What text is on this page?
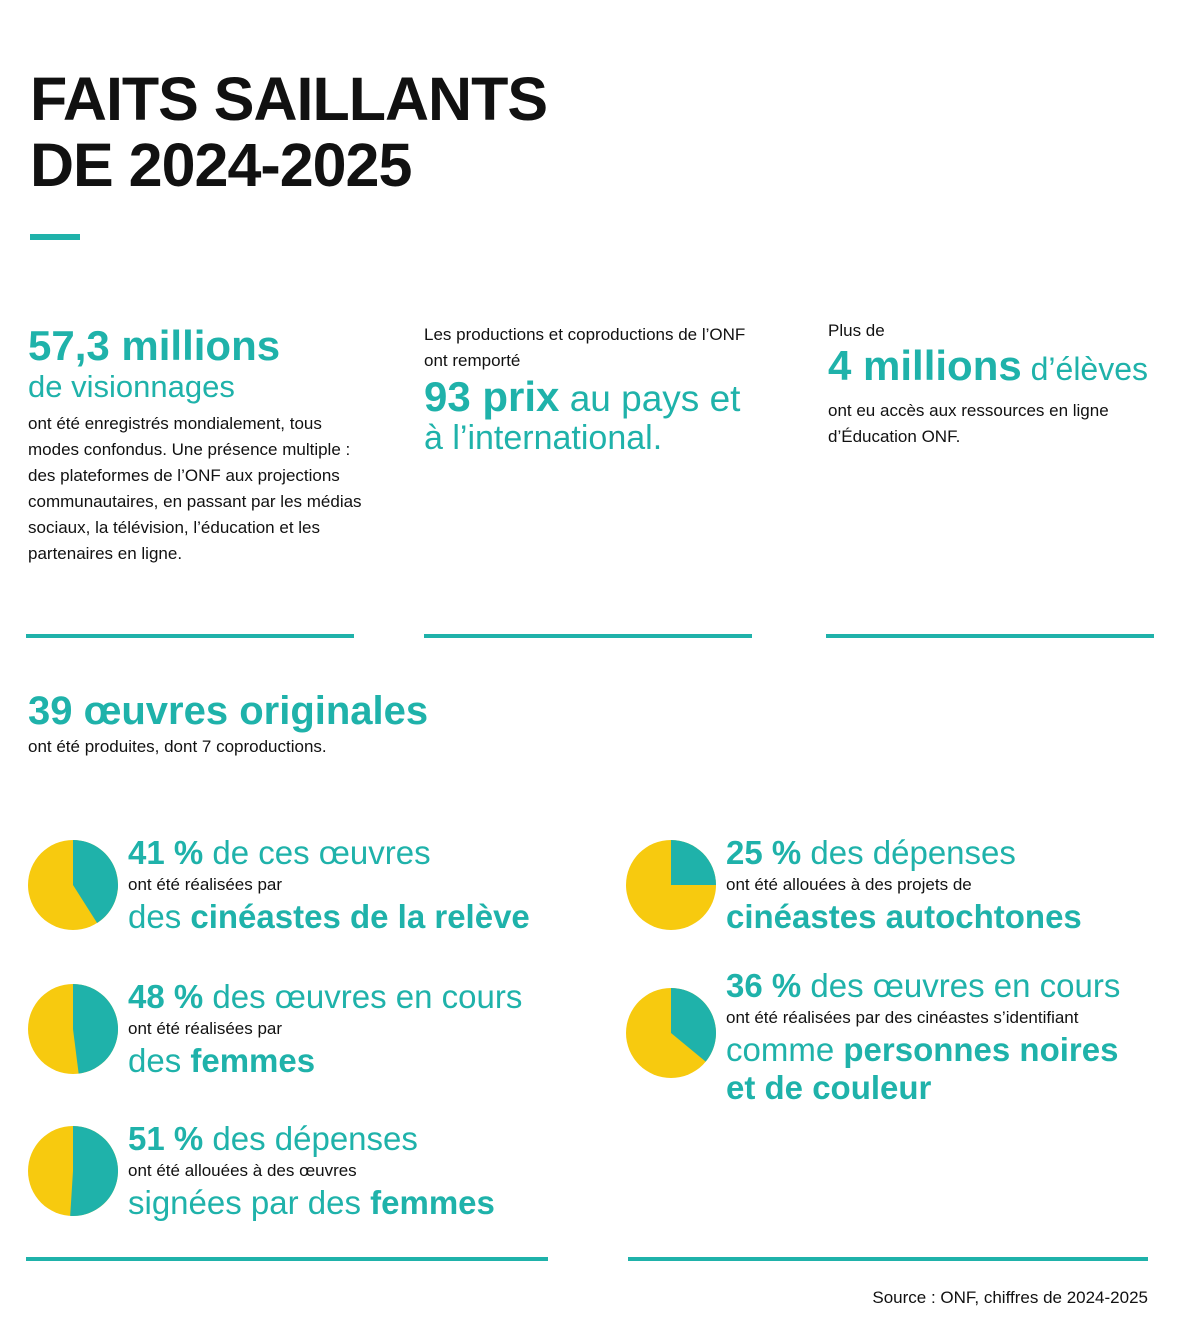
FAITS SAILLANTS
DE 2024-2025
57,3 millions
de visionnages

ont été enregistrés mondialement, tous modes confondus. Une présence multiple : des plateformes de l’ONF aux projections communautaires, en passant par les médias sociaux, la télévision, l’éducation et les partenaires en ligne.

Les productions et coproductions de l’ONF ont remporté

93 prix au pays et
à l’international.

Plus de

4 millions d’élèves

ont eu accès aux ressources en ligne d’Éducation ONF.

39 œuvres originales

ont été produites, dont 7 coproductions.

41 % de ces œuvres
ont été réalisées par
des cinéastes de la relève
48 % des œuvres en cours
ont été réalisées par
des femmes
51 % des dépenses
ont été allouées à des œuvres
signées par des femmes
25 % des dépenses
ont été allouées à des projets de
cinéastes autochtones
36 % des œuvres en cours
ont été réalisées par des cinéastes s’identifiant
comme personnes noires
et de couleur
Source : ONF, chiffres de 2024-2025
